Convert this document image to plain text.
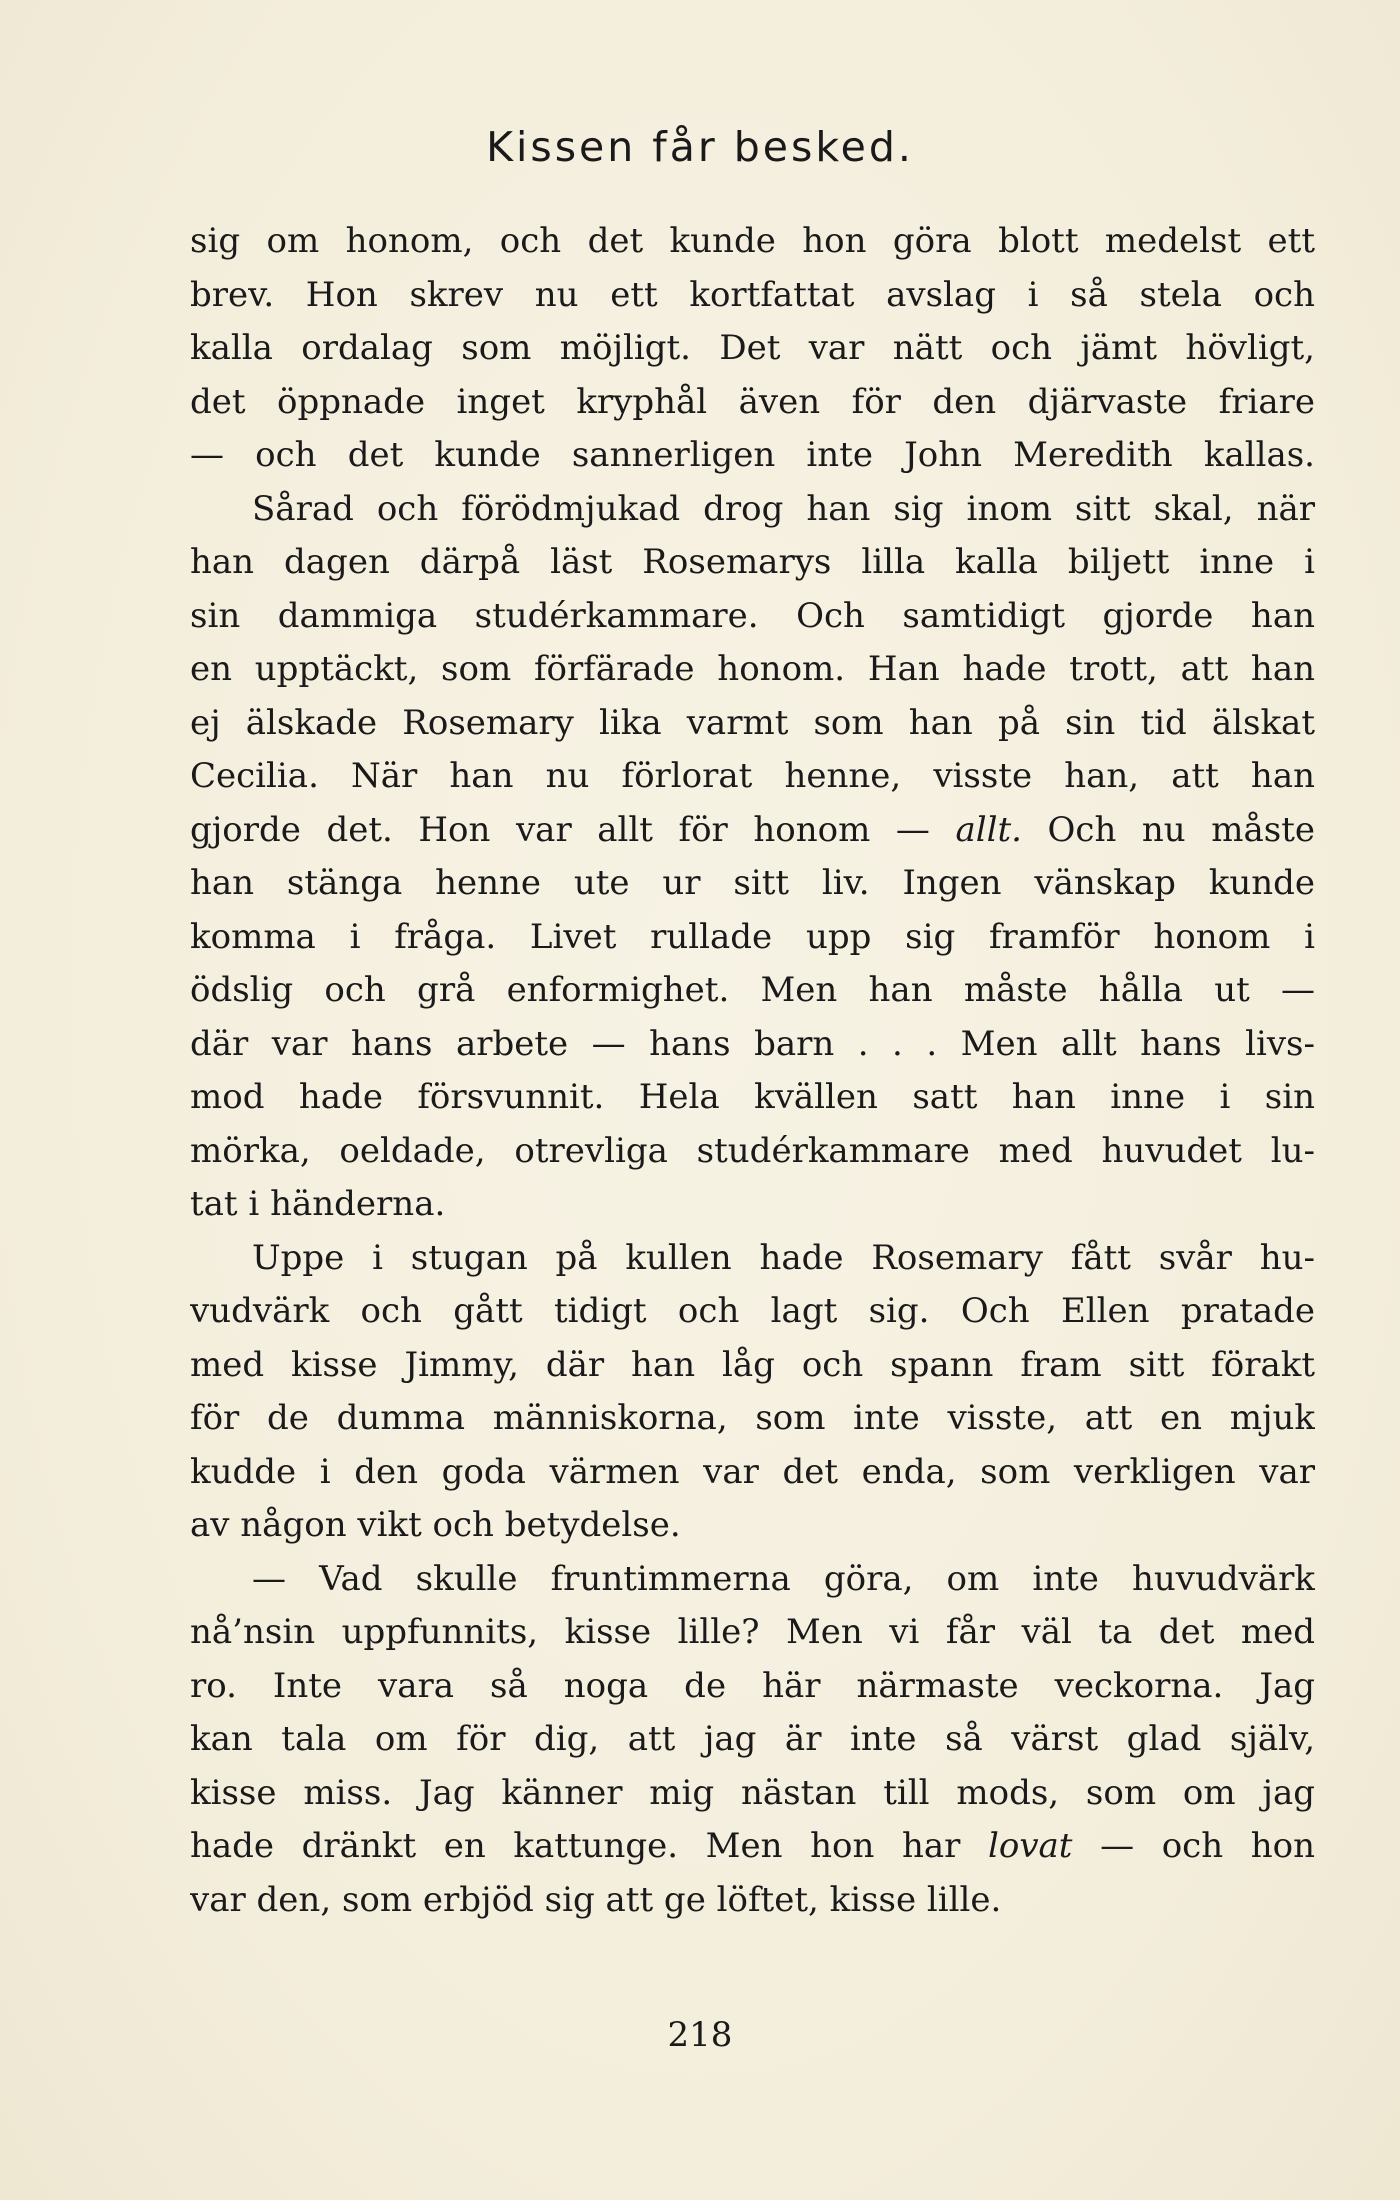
Kissen får besked.
sig om honom, och det kunde hon göra blott medelst ett
brev. Hon skrev nu ett kortfattat avslag i så stela och
kalla ordalag som möjligt. Det var nätt och jämt hövligt,
det öppnade inget kryphål även för den djärvaste friare
— och det kunde sannerligen inte John Meredith kallas.
Sårad och förödmjukad drog han sig inom sitt skal, när
han dagen därpå läst Rosemarys lilla kalla biljett inne i
sin dammiga studérkammare. Och samtidigt gjorde han
en upptäckt, som förfärade honom. Han hade trott, att han
ej älskade Rosemary lika varmt som han på sin tid älskat
Cecilia. När han nu förlorat henne, visste han, att han
gjorde det. Hon var allt för honom — allt. Och nu måste
han stänga henne ute ur sitt liv. Ingen vänskap kunde
komma i fråga. Livet rullade upp sig framför honom i
ödslig och grå enformighet. Men han måste hålla ut —
där var hans arbete — hans barn . . . Men allt hans livs-
mod hade försvunnit. Hela kvällen satt han inne i sin
mörka, oeldade, otrevliga studérkammare med huvudet lu-
tat i händerna.
Uppe i stugan på kullen hade Rosemary fått svår hu-
vudvärk och gått tidigt och lagt sig. Och Ellen pratade
med kisse Jimmy, där han låg och spann fram sitt förakt
för de dumma människorna, som inte visste, att en mjuk
kudde i den goda värmen var det enda, som verkligen var
av någon vikt och betydelse.
— Vad skulle fruntimmerna göra, om inte huvudvärk
nå’nsin uppfunnits, kisse lille? Men vi får väl ta det med
ro. Inte vara så noga de här närmaste veckorna. Jag
kan tala om för dig, att jag är inte så värst glad själv,
kisse miss. Jag känner mig nästan till mods, som om jag
hade dränkt en kattunge. Men hon har lovat — och hon
var den, som erbjöd sig att ge löftet, kisse lille.
218
